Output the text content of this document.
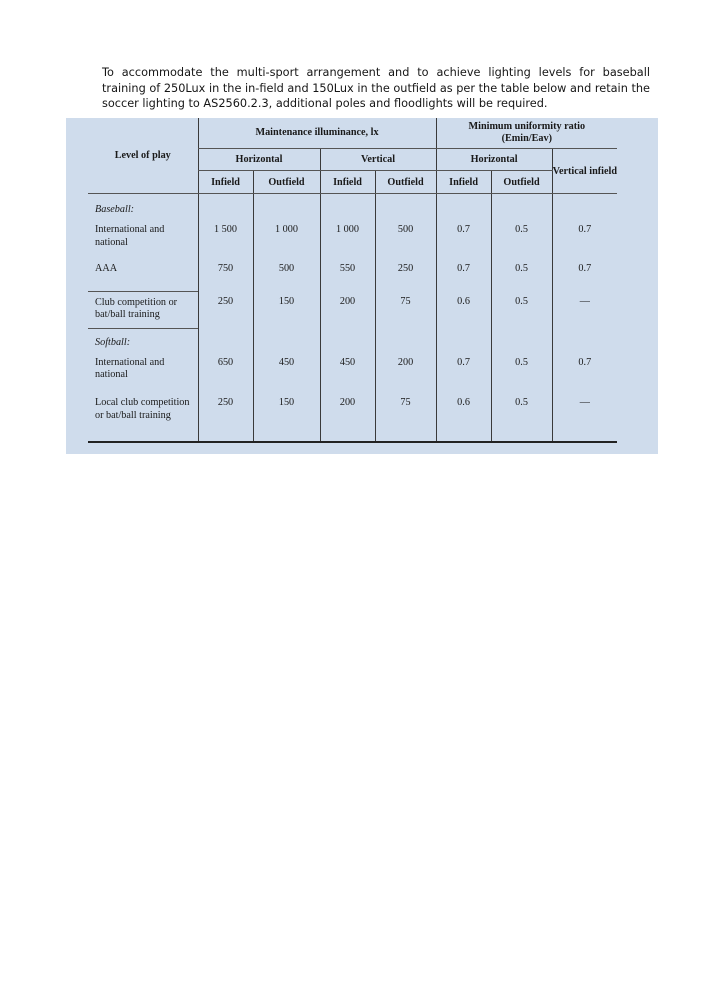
To accommodate the multi-sport arrangement and to achieve lighting levels for baseball training of 250Lux in the in-field and 150Lux in the outfield as per the table below and retain the soccer lighting to AS2560.2.3, additional poles and floodlights will be required.

Level of play	Maintenance illuminance, lx				Minimum uniformity ratio
(Emin/Eav)		

	Horizontal		Vertical		Horizontal		Vertical infield
	Infield	Outfield	Infield	Outfield	Infield	Outfield	
Baseball:							
International and national	1 500	1 000	1 000	500	0.7	0.5	0.7
AAA	750	500	550	250	0.7	0.5	0.7
Club competition or bat/ball training	250	150	200	75	0.6	0.5	—
Softball:							
International and national	650	450	450	200	0.7	0.5	0.7
Local club competition or bat/ball training	250	150	200	75	0.6	0.5	—
